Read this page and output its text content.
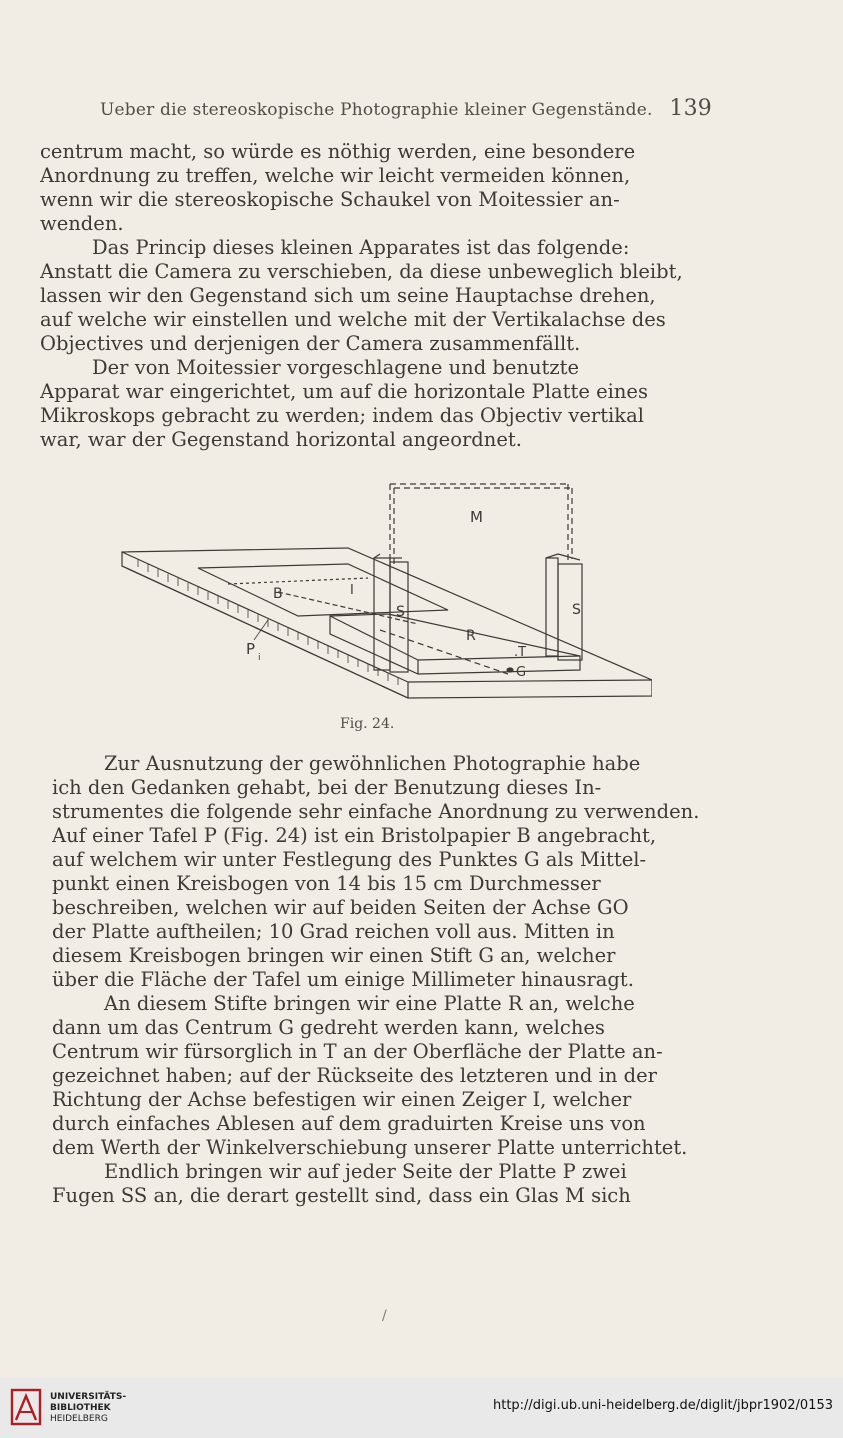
Ueber die stereoskopische Photographie kleiner Gegenstände. 139
centrum macht, so würde es nöthig werden, eine besondere
Anordnung zu treffen, welche wir leicht vermeiden können,
wenn wir die stereoskopische Schaukel von Moitessier an-
wenden.
Das Princip dieses kleinen Apparates ist das folgende:
Anstatt die Camera zu verschieben, da diese unbeweglich bleibt,
lassen wir den Gegenstand sich um seine Hauptachse drehen,
auf welche wir einstellen und welche mit der Vertikalachse des
Objectives und derjenigen der Camera zusammenfällt.
Der von Moitessier vorgeschlagene und benutzte
Apparat war eingerichtet, um auf die horizontale Platte eines
Mikroskops gebracht zu werden; indem das Objectiv vertikal
war, war der Gegenstand horizontal angeordnet.
M
B	I
S	S
R
.T
G
P i
Fig. 24.
Zur Ausnutzung der gewöhnlichen Photographie habe
ich den Gedanken gehabt, bei der Benutzung dieses In-
strumentes die folgende sehr einfache Anordnung zu verwenden.
Auf einer Tafel P (Fig. 24) ist ein Bristolpapier B angebracht,
auf welchem wir unter Festlegung des Punktes G als Mittel-
punkt einen Kreisbogen von 14 bis 15 cm Durchmesser
beschreiben, welchen wir auf beiden Seiten der Achse GO
der Platte auftheilen; 10 Grad reichen voll aus. Mitten in
diesem Kreisbogen bringen wir einen Stift G an, welcher
über die Fläche der Tafel um einige Millimeter hinausragt.
An diesem Stifte bringen wir eine Platte R an, welche
dann um das Centrum G gedreht werden kann, welches
Centrum wir fürsorglich in T an der Oberfläche der Platte an-
gezeichnet haben; auf der Rückseite des letzteren und in der
Richtung der Achse befestigen wir einen Zeiger I, welcher
durch einfaches Ablesen auf dem graduirten Kreise uns von
dem Werth der Winkelverschiebung unserer Platte unterrichtet.
Endlich bringen wir auf jeder Seite der Platte P zwei
Fugen SS an, die derart gestellt sind, dass ein Glas M sich
/
UNIVERSITÄTS-
BIBLIOTHEK
HEIDELBERG
http://digi.ub.uni-heidelberg.de/diglit/jbpr1902/0153
